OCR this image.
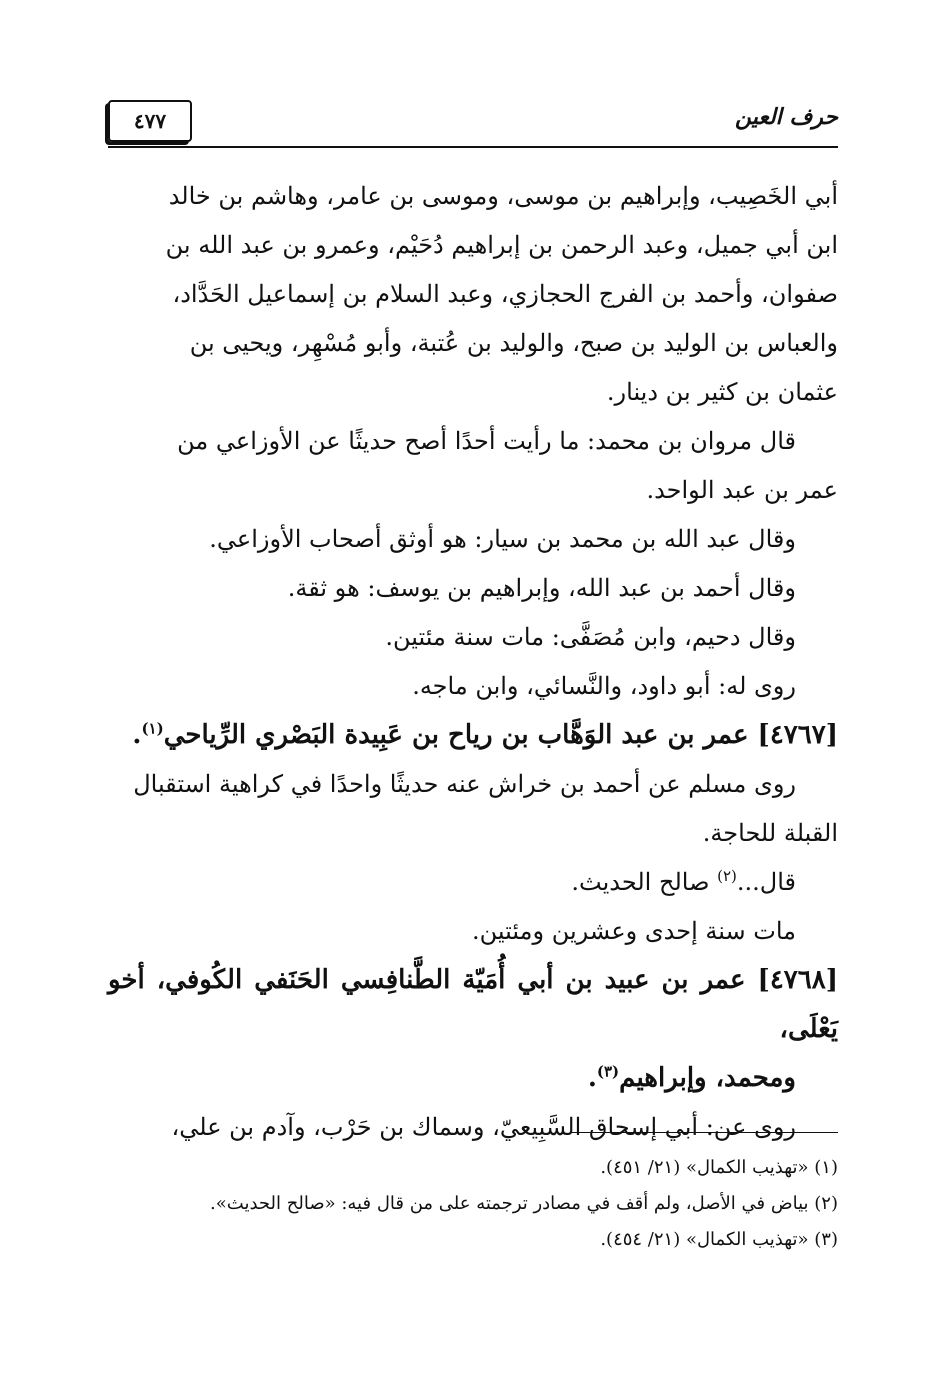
٤٧٧	حرف العين

أبي الخَصِيب، وإبراهيم بن موسى، وموسى بن عامر، وهاشم بن خالد

ابن أبي جميل، وعبد الرحمن بن إبراهيم دُحَيْم، وعمرو بن عبد الله بن

صفوان، وأحمد بن الفرج الحجازي، وعبد السلام بن إسماعيل الحَدَّاد،

والعباس بن الوليد بن صبح، والوليد بن عُتبة، وأبو مُسْهِر، ويحيى بن

عثمان بن كثير بن دينار.

قال مروان بن محمد: ما رأيت أحدًا أصح حديثًا عن الأوزاعي من

عمر بن عبد الواحد.

وقال عبد الله بن محمد بن سيار: هو أوثق أصحاب الأوزاعي.

وقال أحمد بن عبد الله، وإبراهيم بن يوسف: هو ثقة.

وقال دحيم، وابن مُصَفَّى: مات سنة مئتين.

روى له: أبو داود، والنَّسائي، وابن ماجه.

[٤٧٦٧] عمر بن عبد الوَهَّاب بن رياح بن عَبِيدة البَصْري الرِّياحي$^{(١)}$.

روى مسلم عن أحمد بن خراش عنه حديثًا واحدًا في كراهية استقبال

القبلة للحاجة.

قال...$^{(٢)}$ صالح الحديث.

مات سنة إحدى وعشرين ومئتين.

[٤٧٦٨] عمر بن عبيد بن أبي أُمَيّة الطَّنافِسي الحَنَفي الكُوفي، أخو يَعْلَى،

ومحمد، وإبراهيم$^{(٣)}$.

روى عن: أبي إسحاق السَّبِيعيّ، وسماك بن حَرْب، وآدم بن علي،

(١) «تهذيب الكمال» (٢١/ ٤٥١).

(٢) بياض في الأصل، ولم أقف في مصادر ترجمته على من قال فيه: «صالح الحديث».

(٣) «تهذيب الكمال» (٢١/ ٤٥٤).
